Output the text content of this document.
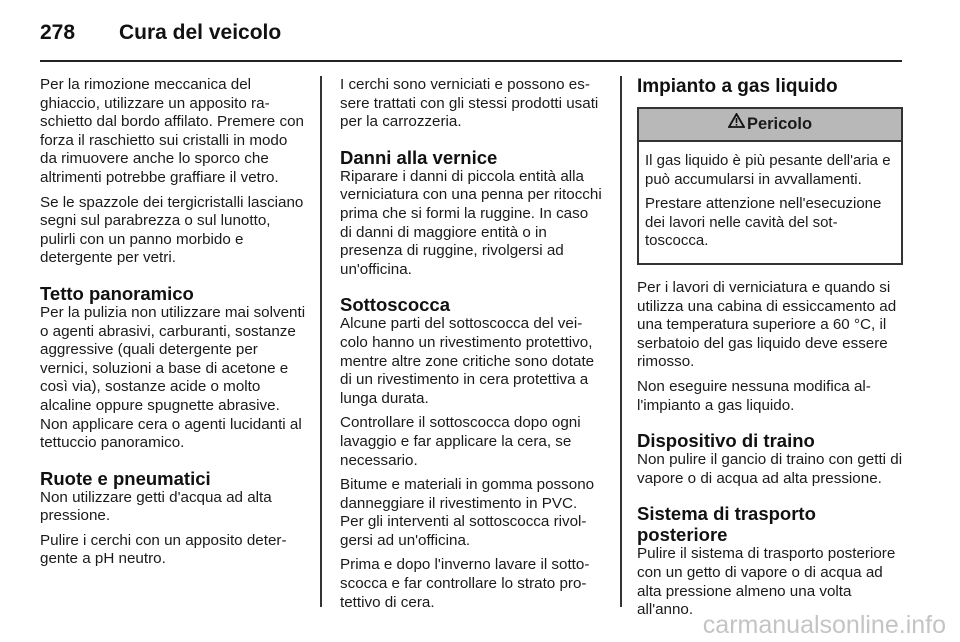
278	Cura del veicolo

Per la rimozione meccanica del ghiaccio, utilizzare un apposito raschietto dal bordo affilato. Premere con forza il raschietto sui cristalli in modo da rimuovere anche lo sporco che altrimenti potrebbe graffiare il vetro.

Se le spazzole dei tergicristalli lasciano segni sul parabrezza o sul lunotto, pulirli con un panno morbido e detergente per vetri.

Tetto panoramico

Per la pulizia non utilizzare mai solventi o agenti abrasivi, carburanti, sostanze aggressive (quali detergente per vernici, soluzioni a base di acetone e così via), sostanze acide o molto alcaline oppure spugnette abrasive. Non applicare cera o agenti lucidanti al tettuccio panoramico.

Ruote e pneumatici

Non utilizzare getti d'acqua ad alta pressione.

Pulire i cerchi con un apposito detergente a pH neutro.

I cerchi sono verniciati e possono essere trattati con gli stessi prodotti usati per la carrozzeria.

Danni alla vernice

Riparare i danni di piccola entità alla verniciatura con una penna per ritocchi prima che si formi la ruggine. In caso di danni di maggiore entità o in presenza di ruggine, rivolgersi ad un'officina.

Sottoscocca

Alcune parti del sottoscocca del veicolo hanno un rivestimento protettivo, mentre altre zone critiche sono dotate di un rivestimento in cera protettiva a lunga durata.

Controllare il sottoscocca dopo ogni lavaggio e far applicare la cera, se necessario.

Bitume e materiali in gomma possono danneggiare il rivestimento in PVC. Per gli interventi al sottoscocca rivolgersi ad un'officina.

Prima e dopo l'inverno lavare il sottoscocca e far controllare lo strato protettivo di cera.

Impianto a gas liquido
Pericolo

Il gas liquido è più pesante dell'aria e può accumularsi in avvallamenti.

Prestare attenzione nell'esecuzione dei lavori nelle cavità del sottoscocca.

Per i lavori di verniciatura e quando si utilizza una cabina di essiccamento ad una temperatura superiore a 60 °C, il serbatoio del gas liquido deve essere rimosso.

Non eseguire nessuna modifica all'impianto a gas liquido.

Dispositivo di traino

Non pulire il gancio di traino con getti di vapore o di acqua ad alta pressione.

Sistema di trasporto posteriore

Pulire il sistema di trasporto posteriore con un getto di vapore o di acqua ad alta pressione almeno una volta all'anno.

carmanualsonline.info
